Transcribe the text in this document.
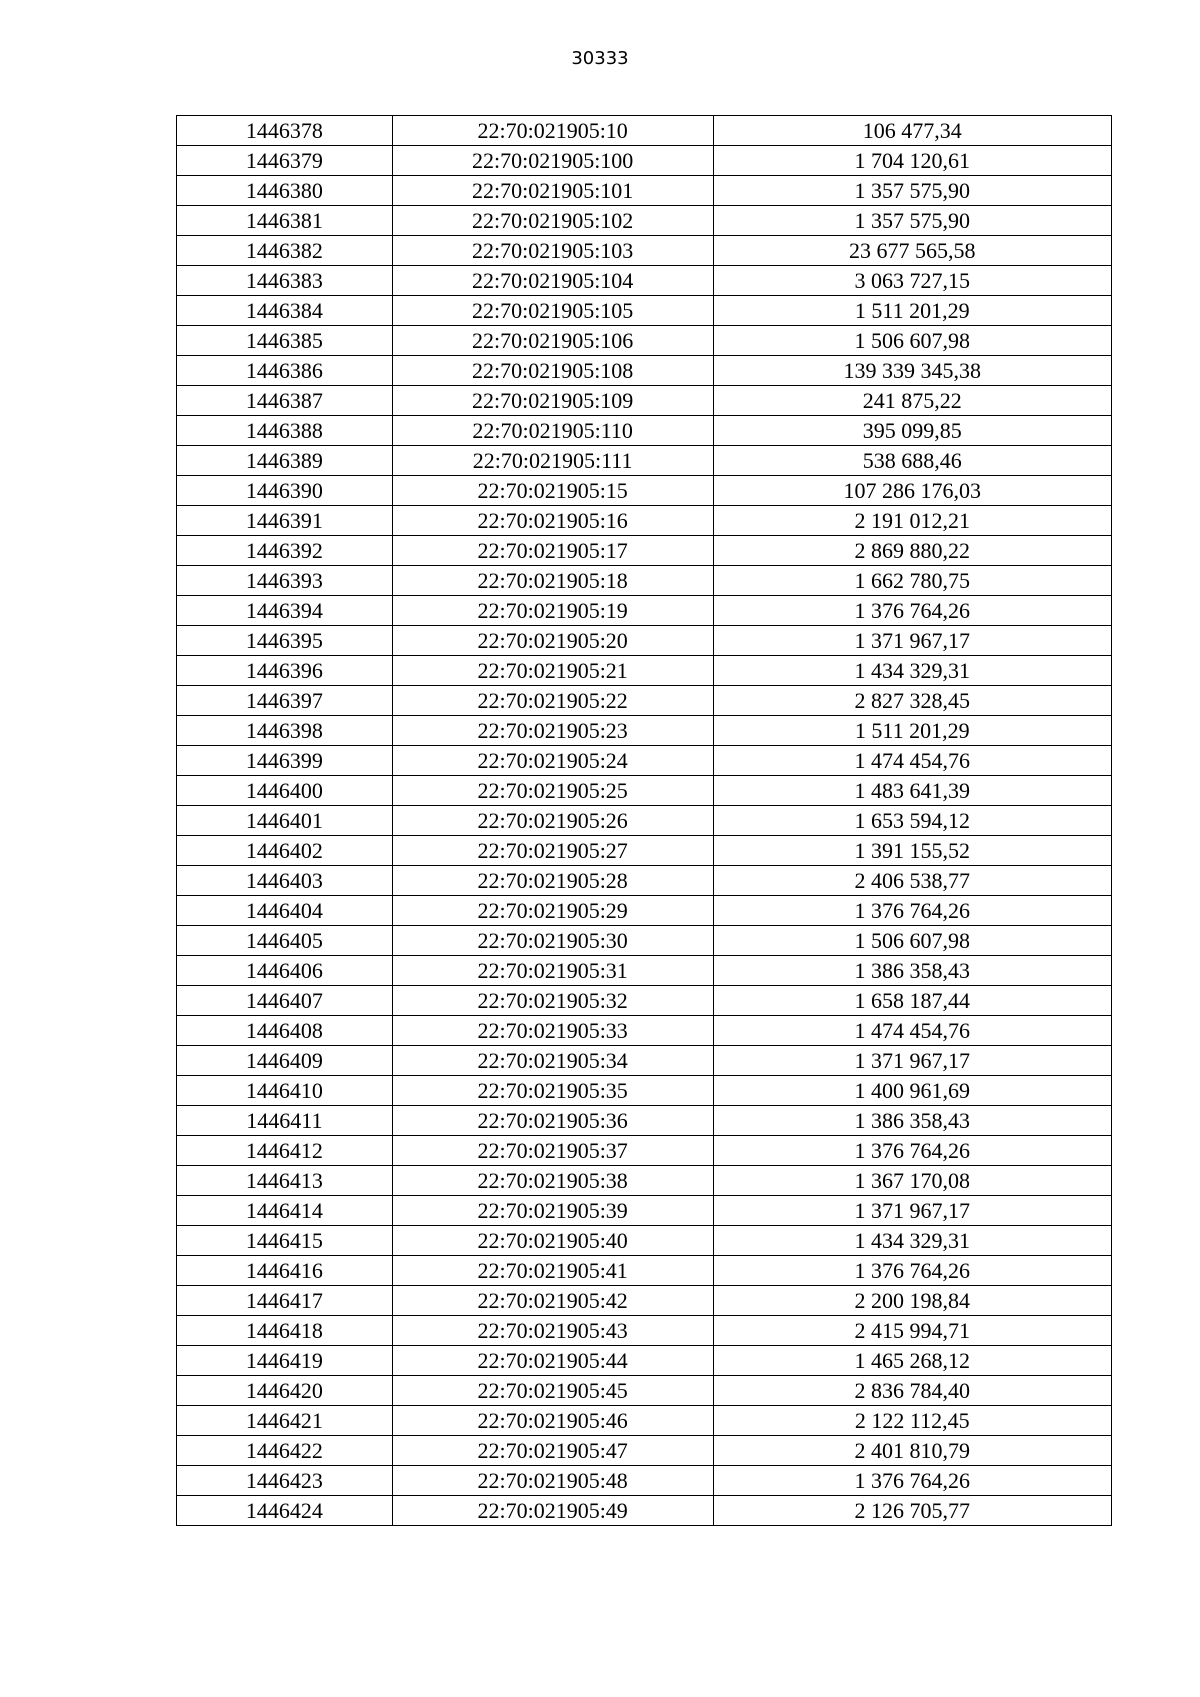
30333
1446378	22:70:021905:10	106 477,34
1446379	22:70:021905:100	1 704 120,61
1446380	22:70:021905:101	1 357 575,90
1446381	22:70:021905:102	1 357 575,90
1446382	22:70:021905:103	23 677 565,58
1446383	22:70:021905:104	3 063 727,15
1446384	22:70:021905:105	1 511 201,29
1446385	22:70:021905:106	1 506 607,98
1446386	22:70:021905:108	139 339 345,38
1446387	22:70:021905:109	241 875,22
1446388	22:70:021905:110	395 099,85
1446389	22:70:021905:111	538 688,46
1446390	22:70:021905:15	107 286 176,03
1446391	22:70:021905:16	2 191 012,21
1446392	22:70:021905:17	2 869 880,22
1446393	22:70:021905:18	1 662 780,75
1446394	22:70:021905:19	1 376 764,26
1446395	22:70:021905:20	1 371 967,17
1446396	22:70:021905:21	1 434 329,31
1446397	22:70:021905:22	2 827 328,45
1446398	22:70:021905:23	1 511 201,29
1446399	22:70:021905:24	1 474 454,76
1446400	22:70:021905:25	1 483 641,39
1446401	22:70:021905:26	1 653 594,12
1446402	22:70:021905:27	1 391 155,52
1446403	22:70:021905:28	2 406 538,77
1446404	22:70:021905:29	1 376 764,26
1446405	22:70:021905:30	1 506 607,98
1446406	22:70:021905:31	1 386 358,43
1446407	22:70:021905:32	1 658 187,44
1446408	22:70:021905:33	1 474 454,76
1446409	22:70:021905:34	1 371 967,17
1446410	22:70:021905:35	1 400 961,69
1446411	22:70:021905:36	1 386 358,43
1446412	22:70:021905:37	1 376 764,26
1446413	22:70:021905:38	1 367 170,08
1446414	22:70:021905:39	1 371 967,17
1446415	22:70:021905:40	1 434 329,31
1446416	22:70:021905:41	1 376 764,26
1446417	22:70:021905:42	2 200 198,84
1446418	22:70:021905:43	2 415 994,71
1446419	22:70:021905:44	1 465 268,12
1446420	22:70:021905:45	2 836 784,40
1446421	22:70:021905:46	2 122 112,45
1446422	22:70:021905:47	2 401 810,79
1446423	22:70:021905:48	1 376 764,26
1446424	22:70:021905:49	2 126 705,77
